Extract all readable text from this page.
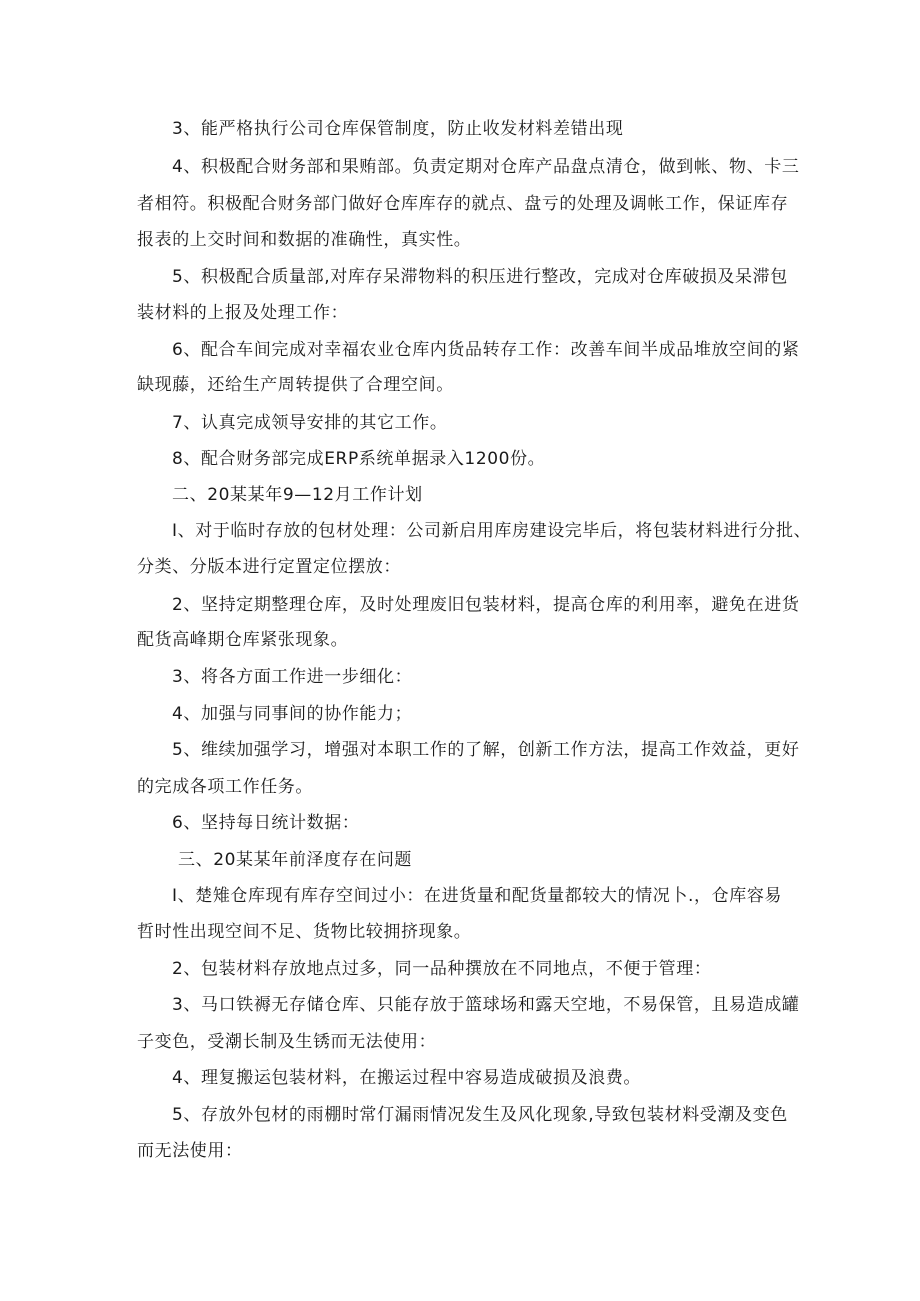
3、能严格执行公司仓库保管制度，防止收发材料差错出现
4、积极配合财务部和果贿部。负责定期对仓库产品盘点清仓，做到帐、物、卡三
者相符。积极配合财务部门做好仓库库存的就点、盘亏的处理及调帐工作，保证库存
报表的上交时间和数据的准确性，真实性。
5、积极配合质量部,对库存呆滞物料的积压进行整改，完成对仓库破损及呆滞包
装材料的上报及处理工作：
6、配合车间完成对幸福农业仓库内货品转存工作：改善车间半成品堆放空间的紧
缺现藤，还给生产周转提供了合理空间。
7、认真完成领导安排的其它工作。
8、配合财务部完成ERP系统单据录入1200份。
二、20某某年9—12月工作计划
I、对于临时存放的包材处理：公司新启用库房建设完毕后，将包装材料进行分批、
分类、分版本进行定置定位摆放：
2、坚持定期整理仓库，及时处理废旧包装材料，提高仓库的利用率，避免在进货
配货高峰期仓库紧张现象。
3、将各方面工作进一步细化：
4、加强与同事间的协作能力；
5、维续加强学习，增强对本职工作的了解，创新工作方法，提高工作效益，更好
的完成各项工作任务。
6、坚持每日统计数据：
三、20某某年前泽度存在问题
I、楚雉仓库现有库存空间过小：在进货量和配货量都较大的情况卜.，仓库容易
哲时性出现空间不足、货物比较拥挤现象。
2、包装材料存放地点过多，同一品种撰放在不同地点，不便于管理：
3、马口铁褥无存储仓库、只能存放于篮球场和露天空地，不易保管，且易造成罐
子变色，受潮长制及生锈而无法使用：
4、理复搬运包装材料，在搬运过程中容易造成破损及浪费。
5、存放外包材的雨棚时常仃漏雨情况发生及风化现象,导致包装材料受潮及变色
而无法使用：
